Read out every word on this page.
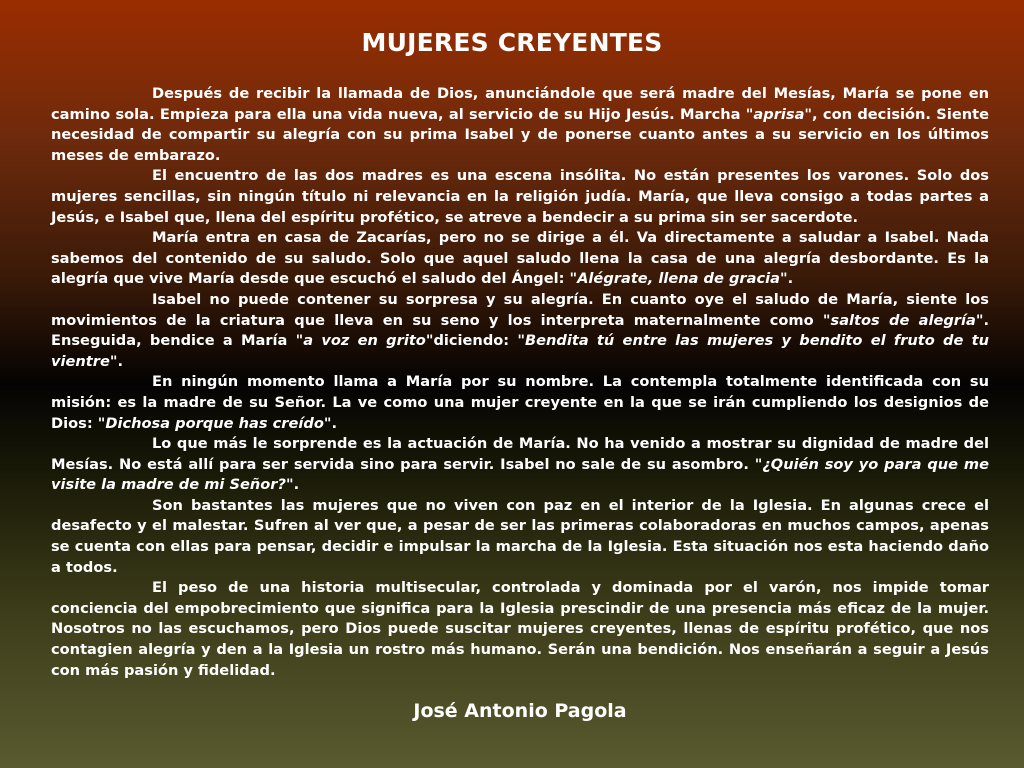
MUJERES CREYENTES

Después de recibir la llamada de Dios, anunciándole que será madre del Mesías, María se pone en camino sola. Empieza para ella una vida nueva, al servicio de su Hijo Jesús. Marcha "aprisa", con decisión. Siente necesidad de compartir su alegría con su prima Isabel y de ponerse cuanto antes a su servicio en los últimos meses de embarazo.

El encuentro de las dos madres es una escena insólita. No están presentes los varones. Solo dos mujeres sencillas, sin ningún título ni relevancia en la religión judía. María, que lleva consigo a todas partes a Jesús, e Isabel que, llena del espíritu profético, se atreve a bendecir a su prima sin ser sacerdote.

María entra en casa de Zacarías, pero no se dirige a él. Va directamente a saludar a Isabel. Nada sabemos del contenido de su saludo. Solo que aquel saludo llena la casa de una alegría desbordante. Es la alegría que vive María desde que escuchó el saludo del Ángel: "Alégrate, llena de gracia".

Isabel no puede contener su sorpresa y su alegría. En cuanto oye el saludo de María, siente los movimientos de la criatura que lleva en su seno y los interpreta maternalmente como "saltos de alegría". Enseguida, bendice a María "a voz en grito"diciendo: "Bendita tú entre las mujeres y bendito el fruto de tu vientre".

En ningún momento llama a María por su nombre. La contempla totalmente identificada con su misión: es la madre de su Señor. La ve como una mujer creyente en la que se irán cumpliendo los designios de Dios: "Dichosa porque has creído".

Lo que más le sorprende es la actuación de María. No ha venido a mostrar su dignidad de madre del Mesías. No está allí para ser servida sino para servir. Isabel no sale de su asombro. "¿Quién soy yo para que me visite la madre de mi Señor?".

Son bastantes las mujeres que no viven con paz en el interior de la Iglesia. En algunas crece el desafecto y el malestar. Sufren al ver que, a pesar de ser las primeras colaboradoras en muchos campos, apenas se cuenta con ellas para pensar, decidir e impulsar la marcha de la Iglesia. Esta situación nos esta haciendo daño a todos.

El peso de una historia multisecular, controlada y dominada por el varón, nos impide tomar conciencia del empobrecimiento que significa para la Iglesia prescindir de una presencia más eficaz de la mujer. Nosotros no las escuchamos, pero Dios puede suscitar mujeres creyentes, llenas de espíritu profético, que nos contagien alegría y den a la Iglesia un rostro más humano. Serán una bendición. Nos enseñarán a seguir a Jesús con más pasión y fidelidad.

José Antonio Pagola
